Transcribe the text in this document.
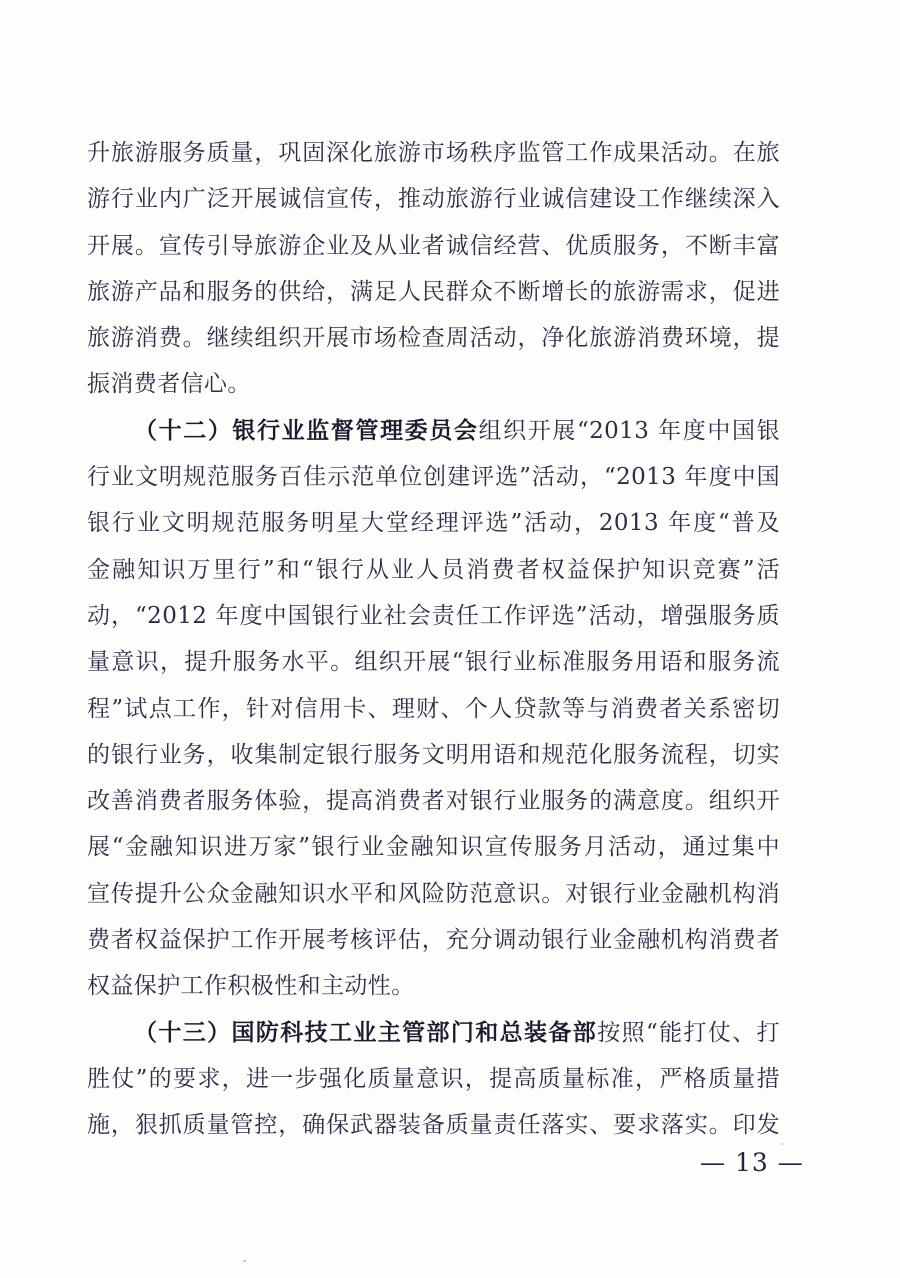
升旅游服务质量，巩固深化旅游市场秩序监管工作成果活动。在旅
游行业内广泛开展诚信宣传，推动旅游行业诚信建设工作继续深入
开展。宣传引导旅游企业及从业者诚信经营、优质服务，不断丰富
旅游产品和服务的供给，满足人民群众不断增长的旅游需求，促进
旅游消费。继续组织开展市场检查周活动，净化旅游消费环境，提
振消费者信心。
（十二）银行业监督管理委员会组织开展“2013 年度中国银
行业文明规范服务百佳示范单位创建评选”活动，“2013 年度中国
银行业文明规范服务明星大堂经理评选”活动，2013 年度“普及
金融知识万里行”和“银行从业人员消费者权益保护知识竞赛”活
动，“2012 年度中国银行业社会责任工作评选”活动，增强服务质
量意识，提升服务水平。组织开展“银行业标准服务用语和服务流
程”试点工作，针对信用卡、理财、个人贷款等与消费者关系密切
的银行业务，收集制定银行服务文明用语和规范化服务流程，切实
改善消费者服务体验，提高消费者对银行业服务的满意度。组织开
展“金融知识进万家”银行业金融知识宣传服务月活动，通过集中
宣传提升公众金融知识水平和风险防范意识。对银行业金融机构消
费者权益保护工作开展考核评估，充分调动银行业金融机构消费者
权益保护工作积极性和主动性。
（十三）国防科技工业主管部门和总装备部按照“能打仗、打
胜仗”的要求，进一步强化质量意识，提高质量标准，严格质量措
施，狠抓质量管控，确保武器装备质量责任落实、要求落实。印发
— 13 —
